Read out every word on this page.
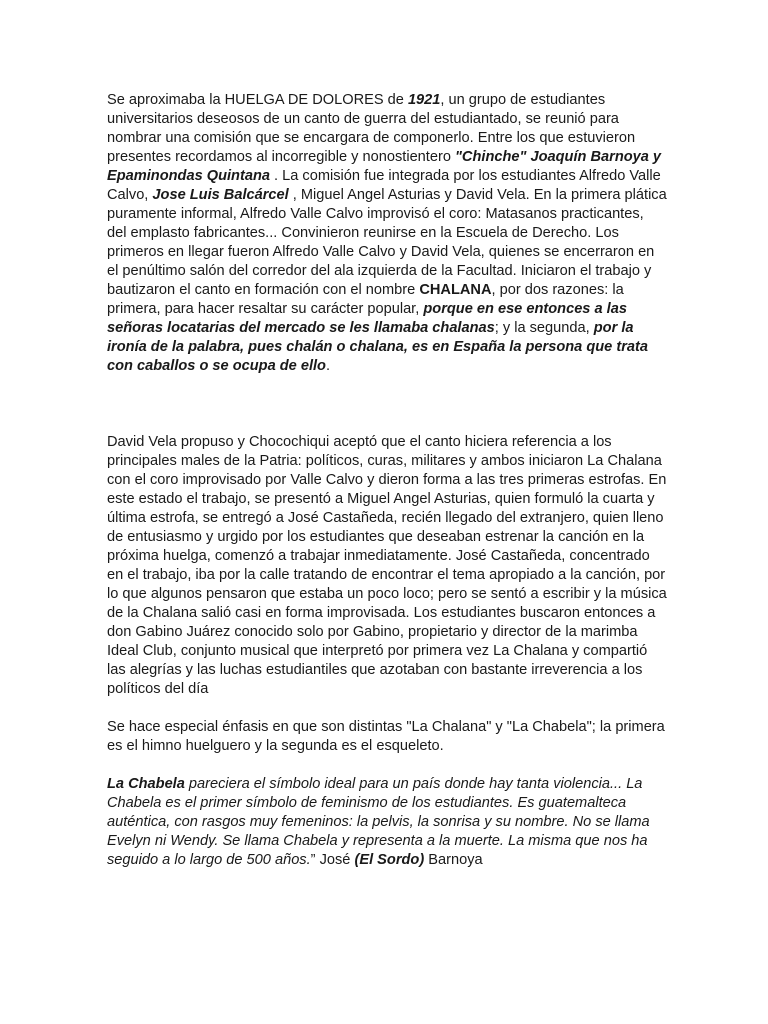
Se aproximaba la HUELGA DE DOLORES de 1921, un grupo de estudiantes universitarios deseosos de un canto de guerra del estudiantado, se reunió para nombrar una comisión que se encargara de componerlo. Entre los que estuvieron presentes recordamos al incorregible y nonostientero "Chinche" Joaquín Barnoya y Epaminondas Quintana . La comisión fue integrada por los estudiantes Alfredo Valle Calvo, Jose Luis Balcárcel , Miguel Angel Asturias y David Vela. En la primera plática puramente informal, Alfredo Valle Calvo improvisó el coro: Matasanos practicantes, del emplasto fabricantes... Convinieron reunirse en la Escuela de Derecho. Los primeros en llegar fueron Alfredo Valle Calvo y David Vela, quienes se encerraron en el penúltimo salón del corredor del ala izquierda de la Facultad. Iniciaron el trabajo y bautizaron el canto en formación con el nombre CHALANA, por dos razones: la primera, para hacer resaltar su carácter popular, porque en ese entonces a las señoras locatarias del mercado se les llamaba chalanas; y la segunda, por la ironía de la palabra, pues chalán o chalana, es en España la persona que trata con caballos o se ocupa de ello.

David Vela propuso y Chocochiqui aceptó que el canto hiciera referencia a los principales males de la Patria: políticos, curas, militares y ambos iniciaron La Chalana con el coro improvisado por Valle Calvo y dieron forma a las tres primeras estrofas. En este estado el trabajo, se presentó a Miguel Angel Asturias, quien formuló la cuarta y última estrofa, se entregó a José Castañeda, recién llegado del extranjero, quien lleno de entusiasmo y urgido por los estudiantes que deseaban estrenar la canción en la próxima huelga, comenzó a trabajar inmediatamente. José Castañeda, concentrado en el trabajo, iba por la calle tratando de encontrar el tema apropiado a la canción, por lo que algunos pensaron que estaba un poco loco; pero se sentó a escribir y la música de la Chalana salió casi en forma improvisada. Los estudiantes buscaron entonces a don Gabino Juárez conocido solo por Gabino, propietario y director de la marimba Ideal Club, conjunto musical que interpretó por primera vez La Chalana y compartió las alegrías y las luchas estudiantiles que azotaban con bastante irreverencia a los políticos del día

Se hace especial énfasis en que son distintas "La Chalana" y "La Chabela"; la primera es el himno huelguero y la segunda es el esqueleto.

La Chabela pareciera el símbolo ideal para un país donde hay tanta violencia... La Chabela es el primer símbolo de feminismo de los estudiantes. Es guatemalteca auténtica, con rasgos muy femeninos: la pelvis, la sonrisa y su nombre. No se llama Evelyn ni Wendy. Se llama Chabela y representa a la muerte. La misma que nos ha seguido a lo largo de 500 años.” José (El Sordo) Barnoya
